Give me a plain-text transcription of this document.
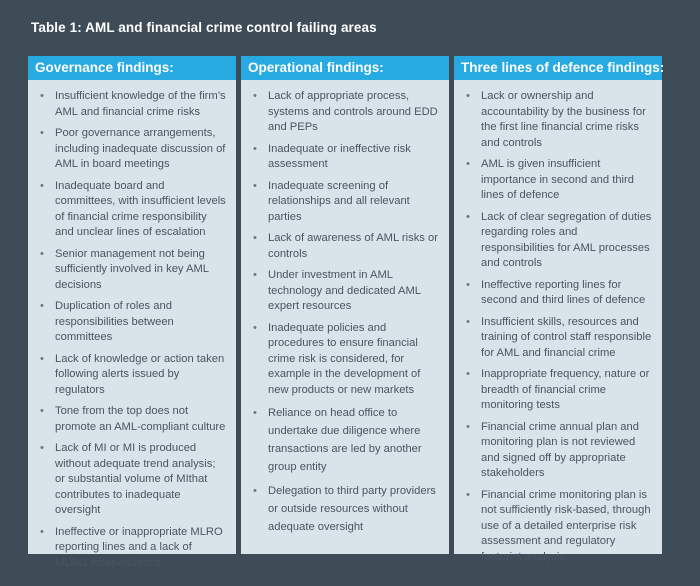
Table 1: AML and financial crime control failing areas
Governance findings:
• Insufficient knowledge of the firm’s AML and financial crime risks
• Poor governance arrangements, including inadequate discussion of AML in board meetings
• Inadequate board and committees, with insufficient levels of financial crime responsibility and unclear lines of escalation
• Senior management not being sufficiently involved in key AML decisions
• Duplication of roles and responsibilities between committees
• Lack of knowledge or action taken following alerts issued by regulators
• Tone from the top does not promote an AML-compliant culture
• Lack of MI or MI is produced without adequate trend analysis; or substantial volume of MIthat contributes to inadequate oversight
• Ineffective or inappropriate MLRO reporting lines and a lack of MLRO independence
Operational findings:
• Lack of appropriate process, systems and controls around EDD and PEPs
• Inadequate or ineffective risk assessment
• Inadequate screening of relationships and all relevant parties
• Lack of awareness of AML risks or controls
• Under investment in AML technology and dedicated AML expert resources
• Inadequate policies and procedures to ensure financial crime risk is considered, for example in the development of new products or new markets
• Reliance on head office to undertake due diligence where transactions are led by another group entity
• Delegation to third party providers or outside resources without adequate oversight
Three lines of defence findings:
• Lack or ownership and accountability by the business for the first line financial crime risks and controls
• AML is given insufficient importance in second and third lines of defence
• Lack of clear segregation of duties regarding roles and responsibilities for AML processes and controls
• Ineffective reporting lines for second and third lines of defence
• Insufficient skills, resources and training of control staff responsible for AML and financial crime
• Inappropriate frequency, nature or breadth of financial crime monitoring tests
• Financial crime annual plan and monitoring plan is not reviewed and signed off by appropriate stakeholders
• Financial crime monitoring plan is not sufficiently risk-based, through use of a detailed enterprise risk assessment and regulatory footprint analysis
